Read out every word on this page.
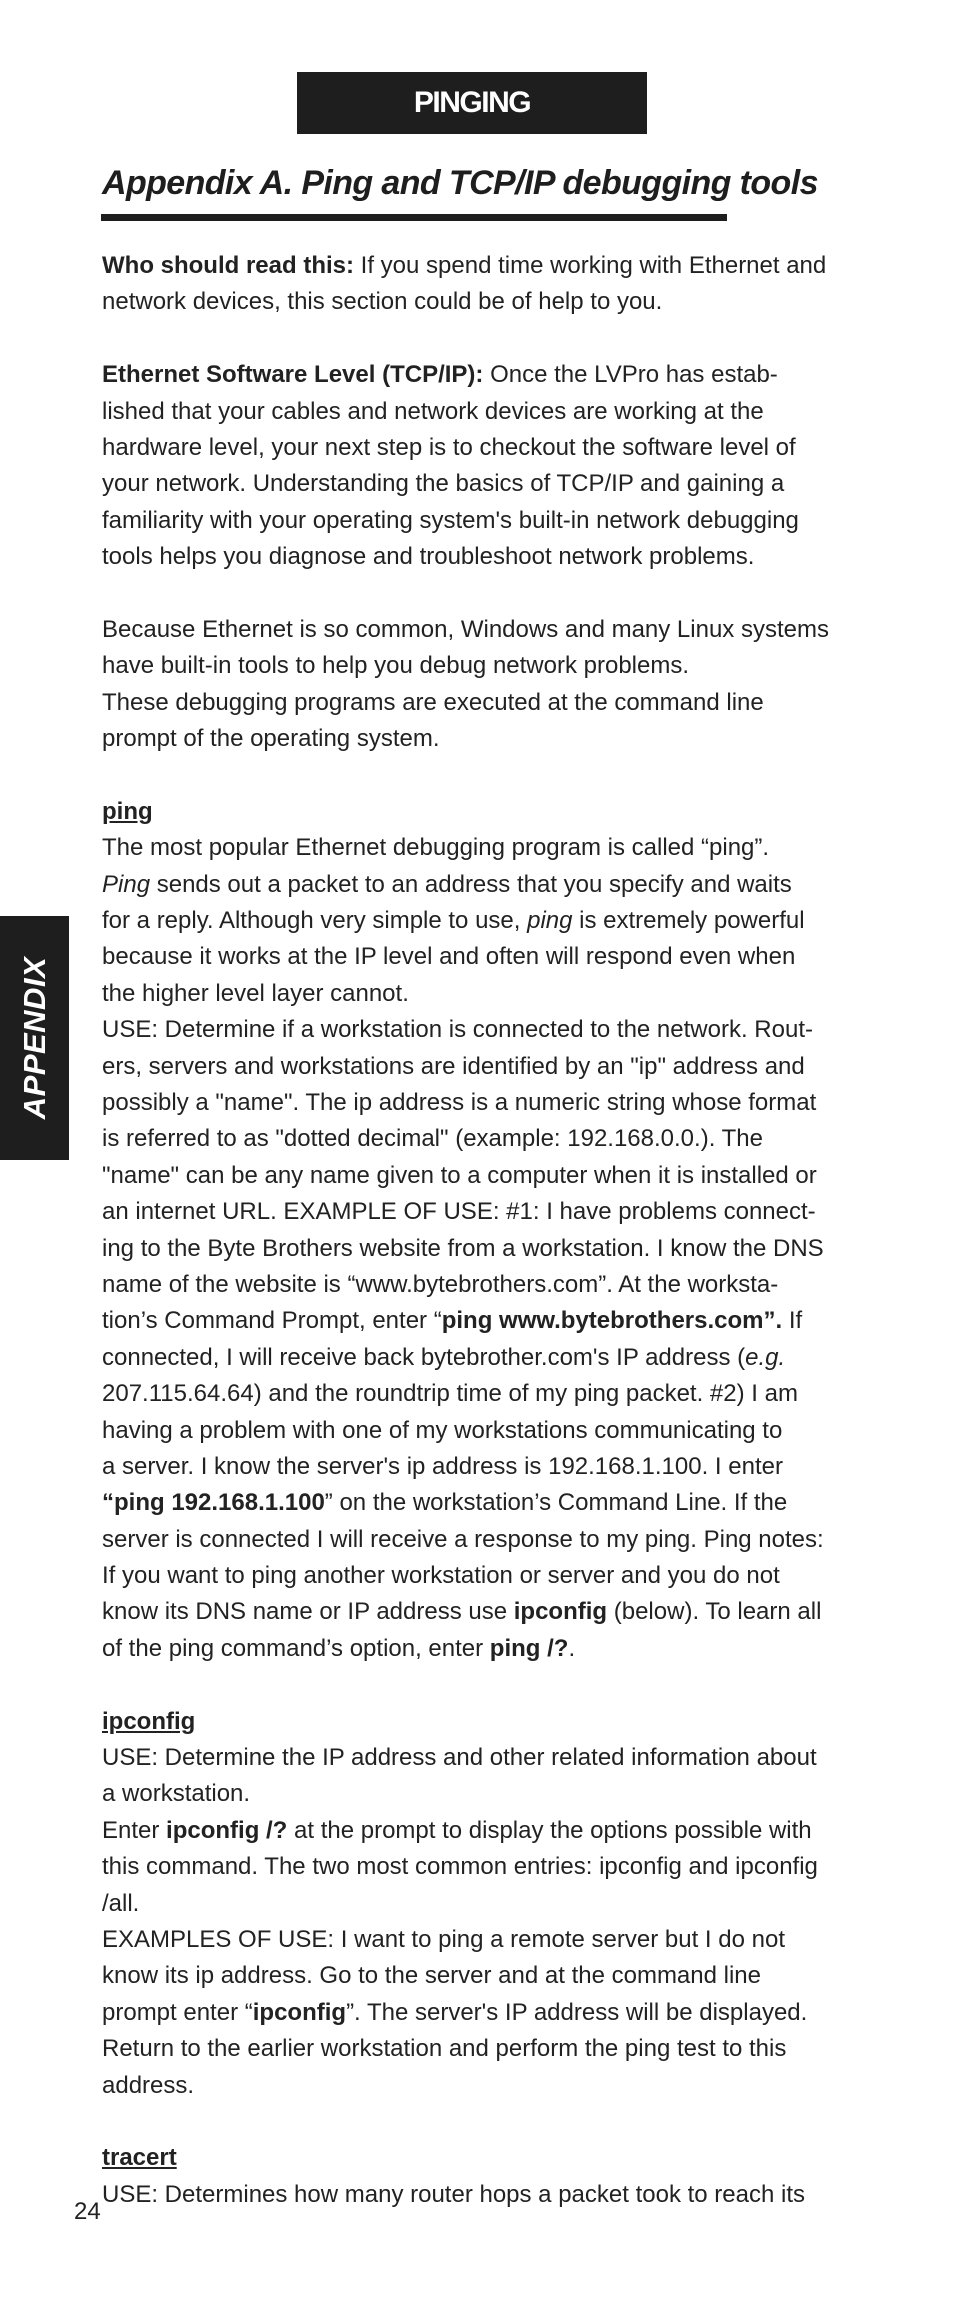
PINGING
Appendix A. Ping and TCP/IP debugging tools
APPENDIX
Who should read this: If you spend time working with Ethernet and
network devices, this section could be of help to you.
Ethernet Software Level (TCP/IP): Once the LVPro has estab-
lished that your cables and network devices are working at the
hardware level, your next step is to checkout the software level of
your network. Understanding the basics of TCP/IP and gaining a
familiarity with your operating system's built-in network debugging
tools helps you diagnose and troubleshoot network problems.
Because Ethernet is so common, Windows and many Linux systems
have built-in tools to help you debug network problems.
These debugging programs are executed at the command line
prompt of the operating system.
ping
The most popular Ethernet debugging program is called “ping”.
Ping sends out a packet to an address that you specify and waits
for a reply. Although very simple to use, ping is extremely powerful
because it works at the IP level and often will respond even when
the higher level layer cannot.
USE: Determine if a workstation is connected to the network. Rout-
ers, servers and workstations are identified by an "ip" address and
possibly a "name". The ip address is a numeric string whose format
is referred to as "dotted decimal" (example: 192.168.0.0.). The
"name" can be any name given to a computer when it is installed or
an internet URL. EXAMPLE OF USE: #1: I have problems connect-
ing to the Byte Brothers website from a workstation. I know the DNS
name of the website is “www.bytebrothers.com”. At the worksta-
tion’s Command Prompt, enter “ping www.bytebrothers.com”. If
connected, I will receive back bytebrother.com's IP address (e.g.
207.115.64.64) and the roundtrip time of my ping packet. #2) I am
having a problem with one of my workstations communicating to
a server. I know the server's ip address is 192.168.1.100. I enter
“ping 192.168.1.100” on the workstation’s Command Line. If the
server is connected I will receive a response to my ping. Ping notes:
If you want to ping another workstation or server and you do not
know its DNS name or IP address use ipconfig (below). To learn all
of the ping command’s option, enter ping /?.
ipconfig
USE: Determine the IP address and other related information about
a workstation.
Enter ipconfig /? at the prompt to display the options possible with
this command. The two most common entries: ipconfig and ipconfig
/all.
EXAMPLES OF USE: I want to ping a remote server but I do not
know its ip address. Go to the server and at the command line
prompt enter “ipconfig”. The server's IP address will be displayed.
Return to the earlier workstation and perform the ping test to this
address.
tracert
USE: Determines how many router hops a packet took to reach its
24
